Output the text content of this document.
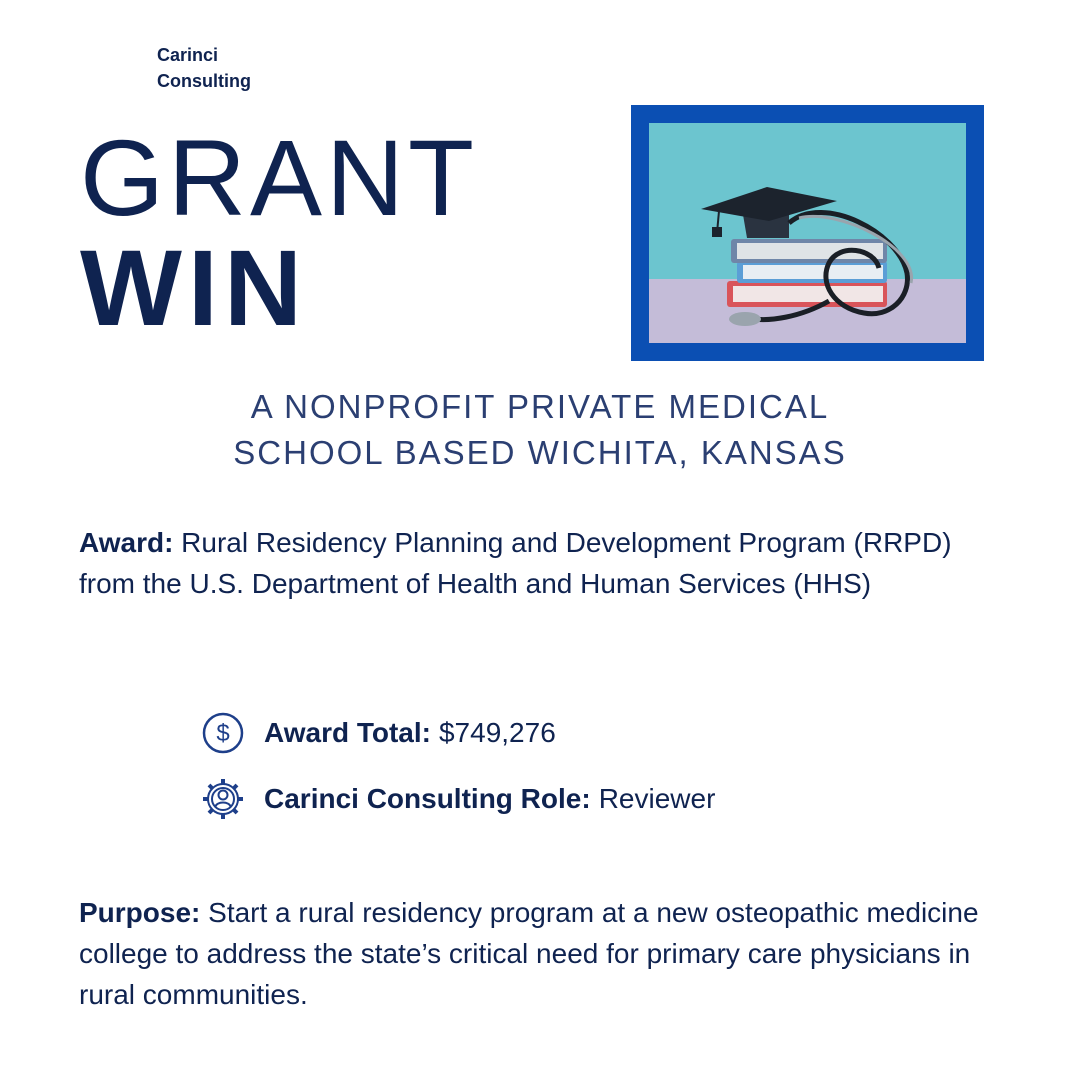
Carinci
Consulting
GRANT
WIN
A NONPROFIT PRIVATE MEDICAL
SCHOOL BASED WICHITA, KANSAS
Award: Rural Residency Planning and Development Program (RRPD) from the U.S. Department of Health and Human Services (HHS)
$ Award Total: $749,276
Carinci Consulting Role: Reviewer
Purpose: Start a rural residency program at a new osteopathic medicine college to address the state’s critical need for primary care physicians in rural communities.
